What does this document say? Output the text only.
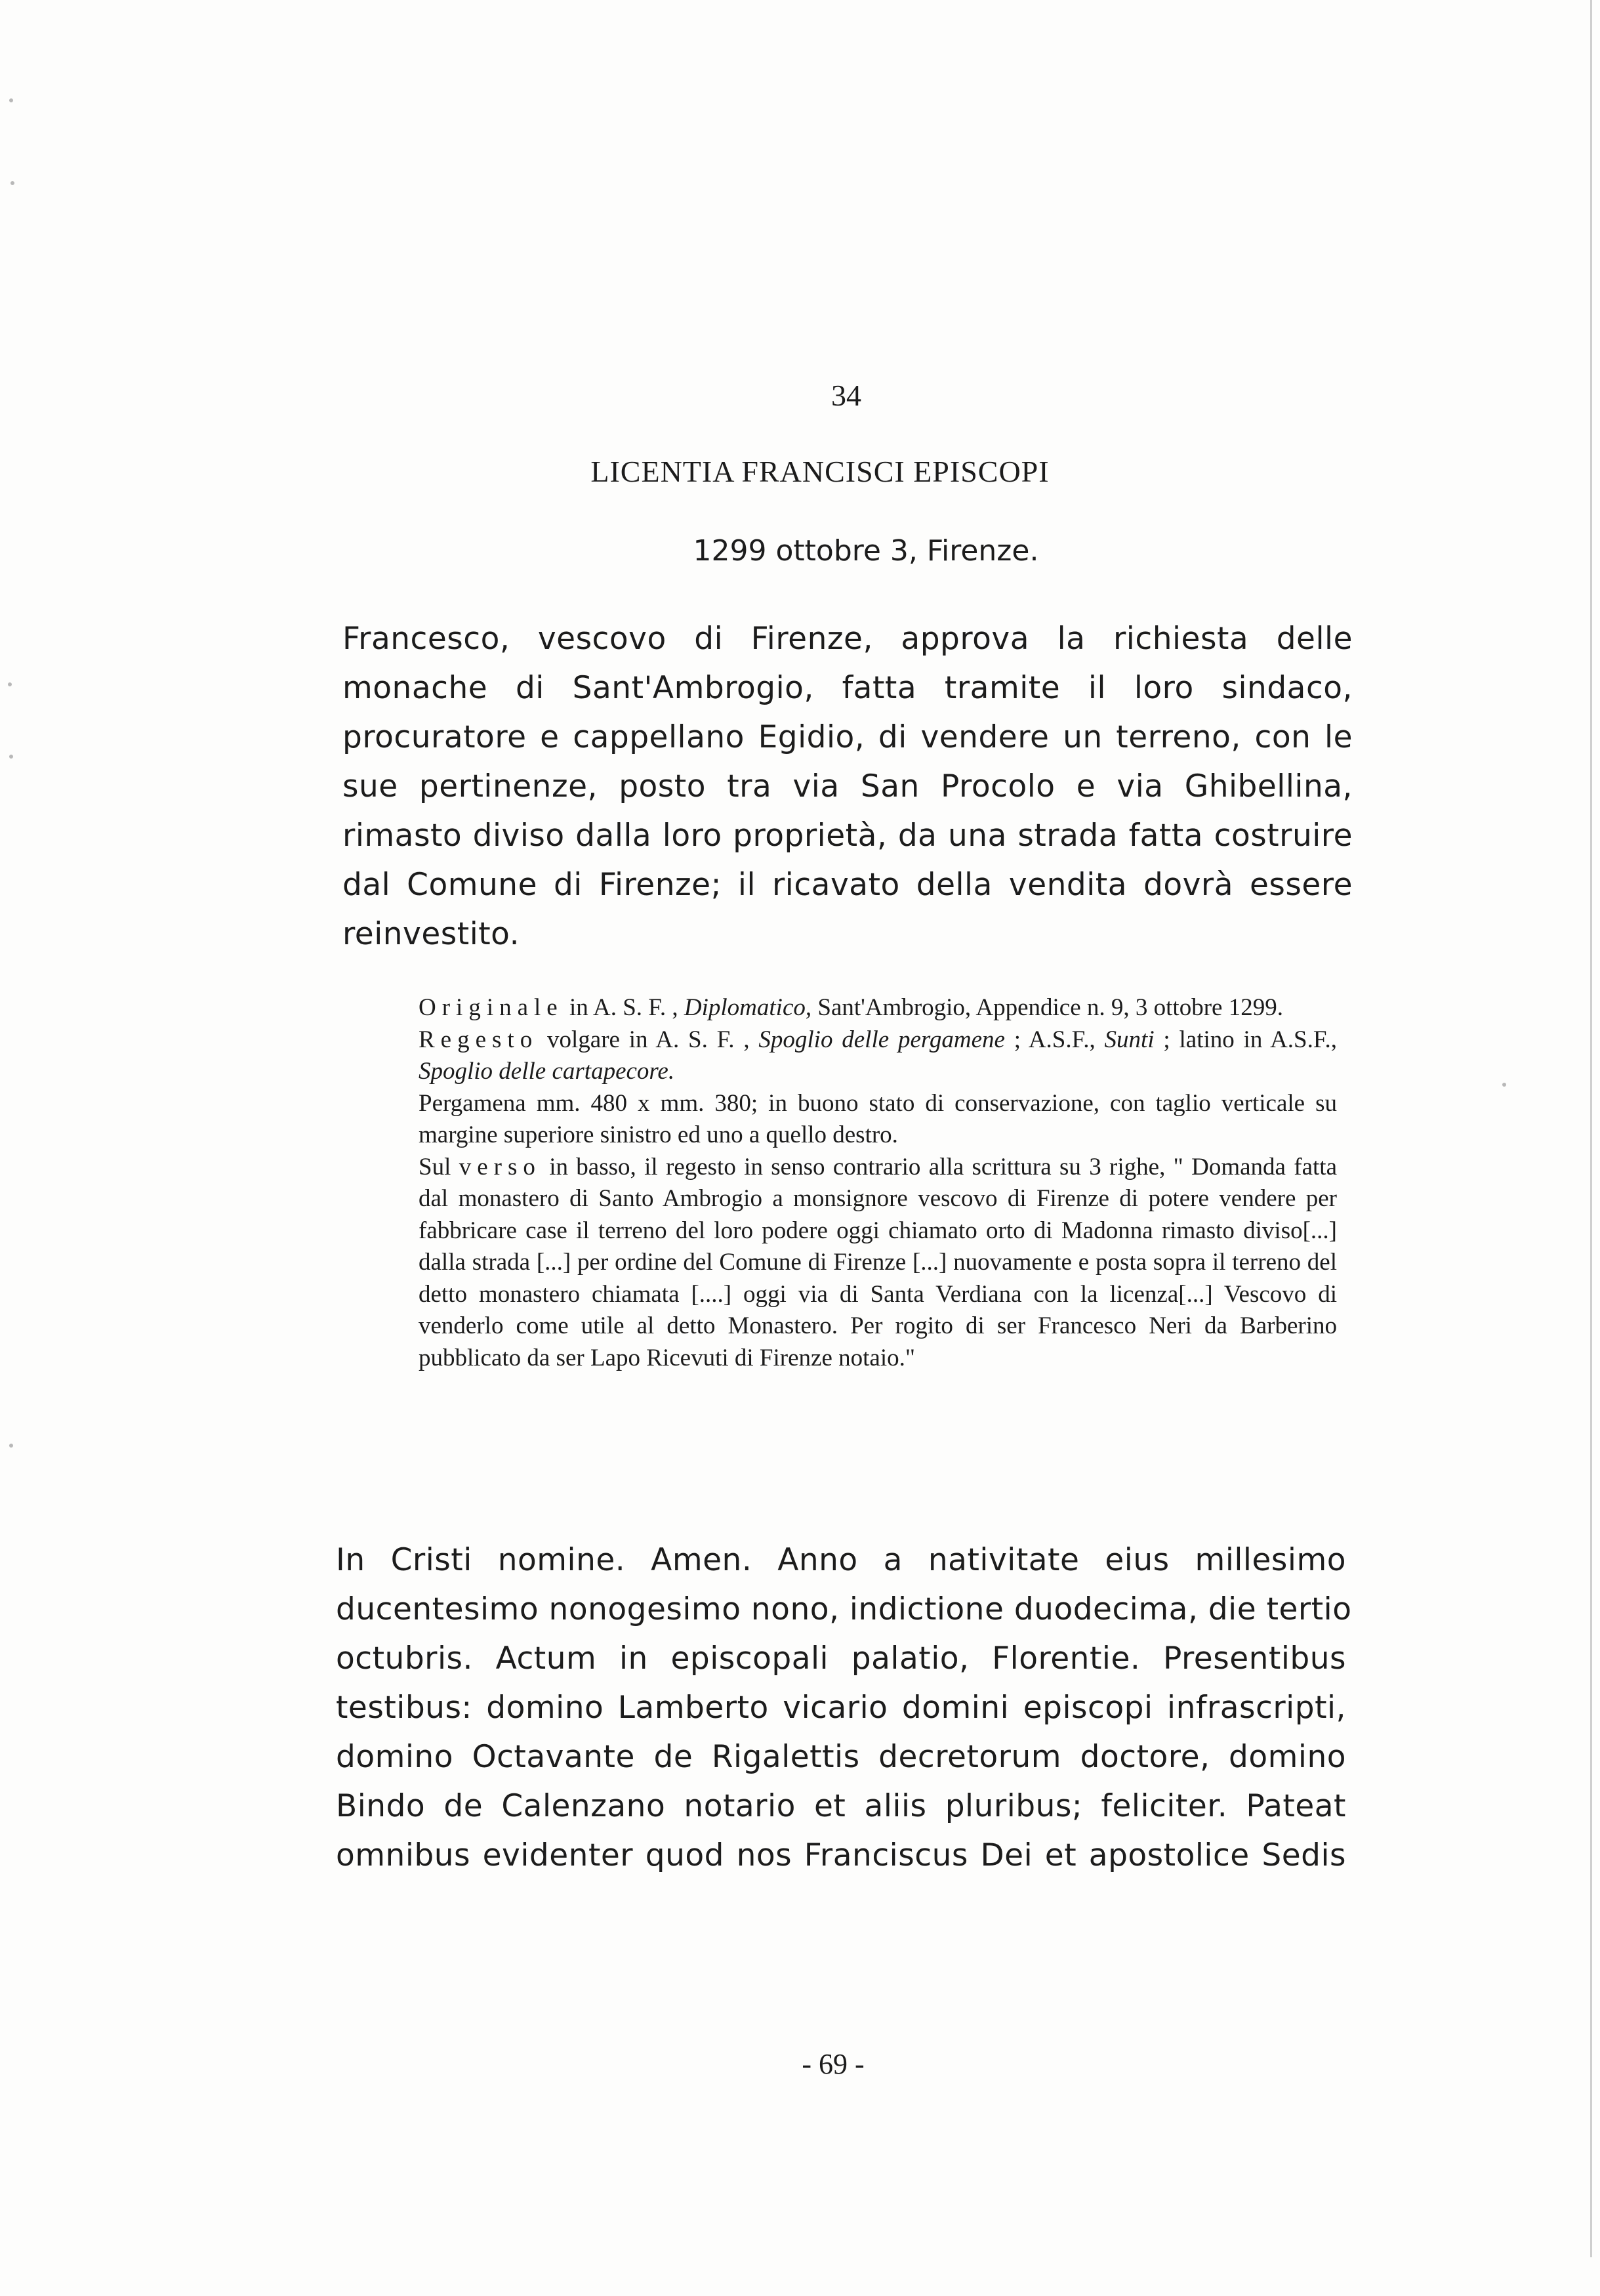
34
LICENTIA FRANCISCI EPISCOPI
1299 ottobre 3, Firenze.
Francesco, vescovo di Firenze, approva la richiesta delle monache di Sant'Ambrogio, fatta tramite il loro sindaco, procuratore e cappellano Egidio, di vendere un terreno, con le sue pertinenze, posto tra via San Procolo e via Ghibellina, rimasto diviso dalla loro proprietà, da una strada fatta costruire dal Comune di Firenze; il ricavato della vendita dovrà essere reinvestito.

Originale in A. S. F. , Diplomatico, Sant'Ambrogio, Appendice n. 9, 3 ottobre 1299.

Regesto volgare in A. S. F. , Spoglio delle pergamene ; A.S.F., Sunti ; latino in A.S.F., Spoglio delle cartapecore.

Pergamena mm. 480 x mm. 380; in buono stato di conservazione, con taglio verticale su margine superiore sinistro ed uno a quello destro.

Sul verso in basso, il regesto in senso contrario alla scrittura su 3 righe, " Domanda fatta dal monastero di Santo Ambrogio a monsignore vescovo di Firenze di potere vendere per fabbricare case il terreno del loro podere oggi chiamato orto di Madonna rimasto diviso[...] dalla strada [...] per ordine del Comune di Firenze [...] nuovamente e posta sopra il terreno del detto monastero chiamata [....] oggi via di Santa Verdiana con la licenza[...] Vescovo di venderlo come utile al detto Monastero. Per rogito di ser Francesco Neri da Barberino pubblicato da ser Lapo Ricevuti di Firenze notaio."

In Cristi nomine. Amen. Anno a nativitate eius millesimo
ducentesimo nonogesimo nono, indictione duodecima, die tertio
octubris. Actum in episcopali palatio, Florentie. Presentibus
testibus: domino Lamberto vicario domini episcopi infrascripti,
domino Octavante de Rigalettis decretorum doctore, domino
Bindo de Calenzano notario et aliis pluribus; feliciter. Pateat
omnibus evidenter quod nos Franciscus Dei et apostolice Sedis
- 69 -
